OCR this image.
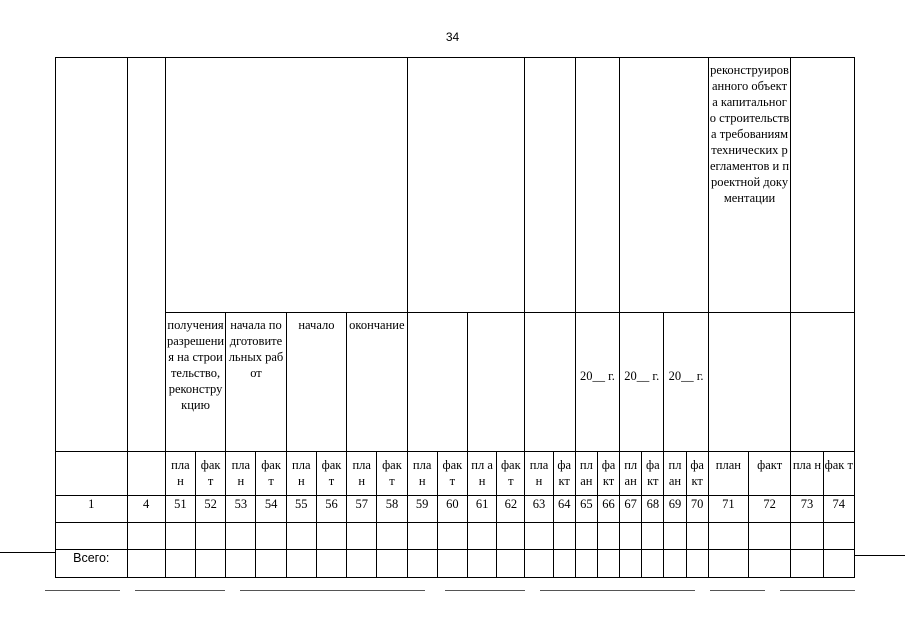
34

																						реконструированного объекта капитального строительства требованиям технических регламентов и проектной документации			

		получения разрешения на строительство, реконструкцию		начала подготовительных работ		начало		окончание								20__ г.		20__ г.		20__ г.					

		пла н	фак т	пла н	фак т	пла н	фак т	пла н	фак т	пла н	фак т	пл ан	фак т	пла н	фа кт	пл ан	фа кт	пл ан	фа кт	пл ан	фа кт	план	факт	пла н	фак т

1	4	51	52	53	54	55	56	57	58	59	60	61	62	63	64	65	66	67	68	69	70	71	72	73	74

Всего:																									
